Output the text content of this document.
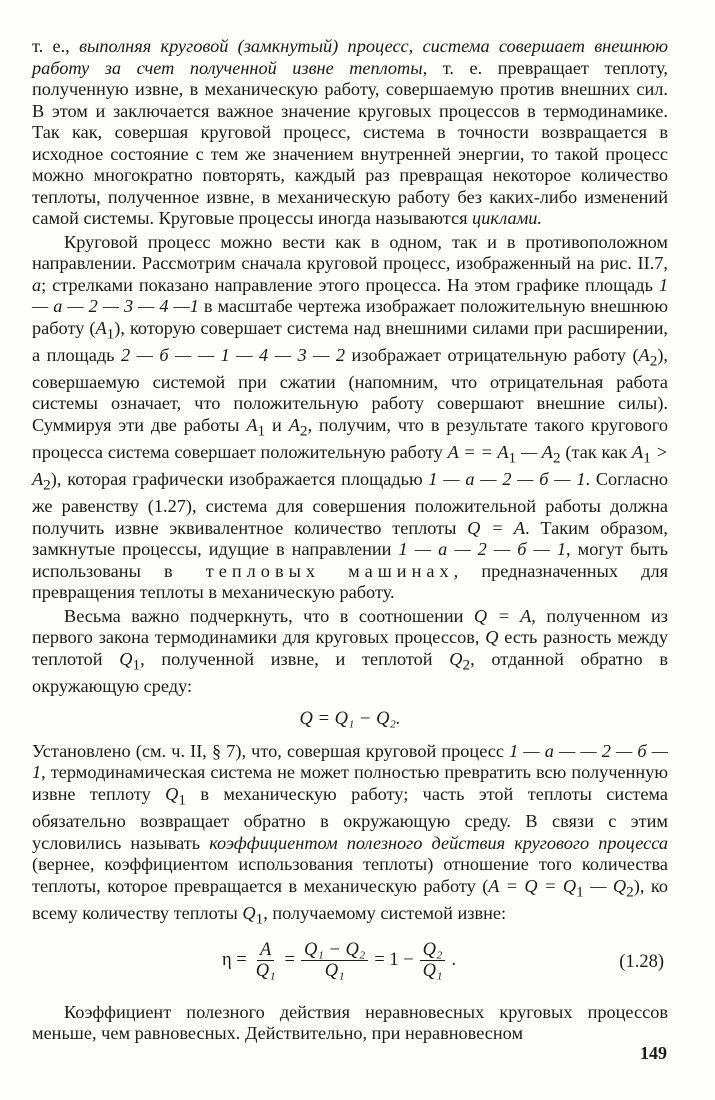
т. е., выполняя круговой (замкнутый) процесс, система совершает внешнюю работу за счет полученной извне теплоты, т. е. превращает теплоту, полученную извне, в механическую работу, совершаемую против внешних сил. В этом и заключается важное значение круговых процессов в термодинамике. Так как, совершая круговой процесс, система в точности возвращается в исходное состояние с тем же значением внутренней энергии, то такой процесс можно многократно повторять, каждый раз превращая некоторое количество теплоты, полученное извне, в механическую работу без каких-либо изменений самой системы. Круговые процессы иногда называются циклами.

Круговой процесс можно вести как в одном, так и в противоположном направлении. Рассмотрим сначала круговой процесс, изображенный на рис. II.7, а; стрелками показано направление этого процесса. На этом графике площадь 1 — а — 2 — 3 — 4 —1 в масштабе чертежа изображает положительную внешнюю работу $(A_1)$, которую совершает система над внешними силами при расширении, а площадь 2 — б — — 1 — 4 — 3 — 2 изображает отрицательную работу $(A_2)$, совершаемую системой при сжатии (напомним, что отрицательная работа системы означает, что положительную работу совершают внешние силы). Суммируя эти две работы $A_1$ и $A_2$, получим, что в результате такого кругового процесса система совершает положительную работу A = = $A_1$ — $A_2$ (так как $A_1 > A_2$), которая графически изображается площадью 1 — а — 2 — б — 1. Согласно же равенству (1.27), система для совершения положительной работы должна получить извне эквивалентное количество теплоты Q = A. Таким образом, замкнутые процессы, идущие в направлении 1 — а — 2 — б — 1, могут быть использованы в тепловых машинах, предназначенных для превращения теплоты в механическую работу.

Весьма важно подчеркнуть, что в соотношении Q = A, полученном из первого закона термодинамики для круговых процессов, Q есть разность между теплотой $Q_1$, полученной извне, и теплотой $Q_2$, отданной обратно в окружающую среду:

Q = Q₁ − Q₂.

Установлено (см. ч. II, § 7), что, совершая круговой процесс 1 — а — — 2 — б — 1, термодинамическая система не может полностью превратить всю полученную извне теплоту $Q_1$ в механическую работу; часть этой теплоты система обязательно возвращает обратно в окружающую среду. В связи с этим условились называть коэффициентом полезного действия кругового процесса (вернее, коэффициентом использования теплоты) отношение того количества теплоты, которое превращается в механическую работу ($A = Q = Q_1$ — $Q_2$), ко всему количеству теплоты $Q_1$, получаемому системой извне:

$\eta = \frac{A}{\text{Q₁}} = \frac{\text{Q₁ − Q₂}}{\text{Q₁}} = 1 - \frac{\text{Q₂}}{\text{Q₁}}$ .	(1.28)

Коэффициент полезного действия неравновесных круговых процессов меньше, чем равновесных. Действительно, при неравновесном

149
